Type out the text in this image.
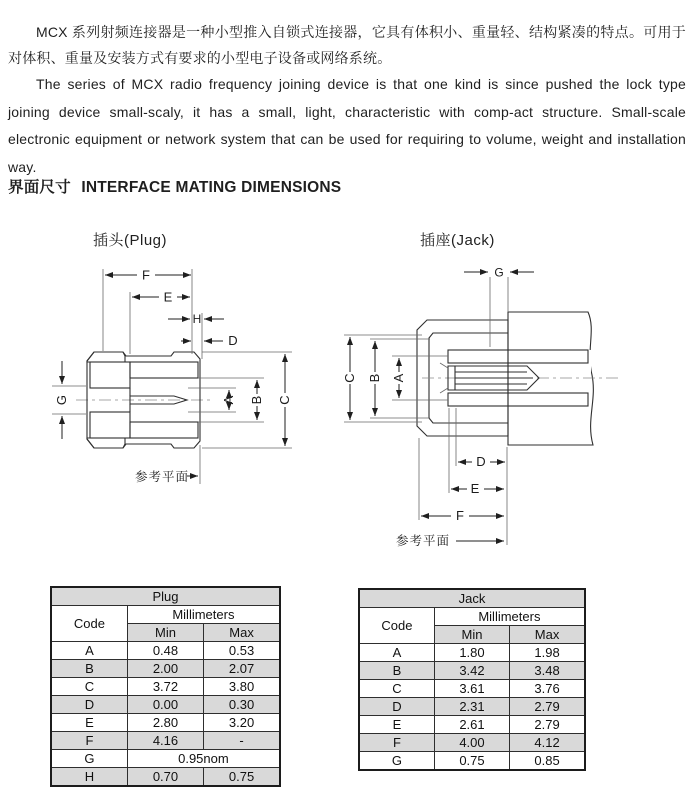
MCX 系列射频连接器是一种小型推入自锁式连接器，它具有体积小、重量轻、结构紧凑的特点。可用于对体积、重量及安装方式有要求的小型电子设备或网络系统。

The series of MCX radio frequency joining device is that one kind is since pushed the lock type joining device small-scaly, it has a small, light, characteristic with comp-act structure. Small-scale electronic equipment or network system that can be used for requiring to volume, weight and installation way.

界面尺寸 INTERFACE MATING DIMENSIONS
插头(Plug)	插座(Jack)
F
E
H
D
G	A B C
参考平面
G
C B A
D
E
F
参考平面
Plug		
Code	Millimeters	
	Min	Max
A	0.48	0.53
B	2.00	2.07
C	3.72	3.80
D	0.00	0.30
E	2.80	3.20
F	4.16	-
G	0.95nom	
H	0.70	0.75
Jack		
Code	Millimeters	
	Min	Max
A	1.80	1.98
B	3.42	3.48
C	3.61	3.76
D	2.31	2.79
E	2.61	2.79
F	4.00	4.12
G	0.75	0.85
